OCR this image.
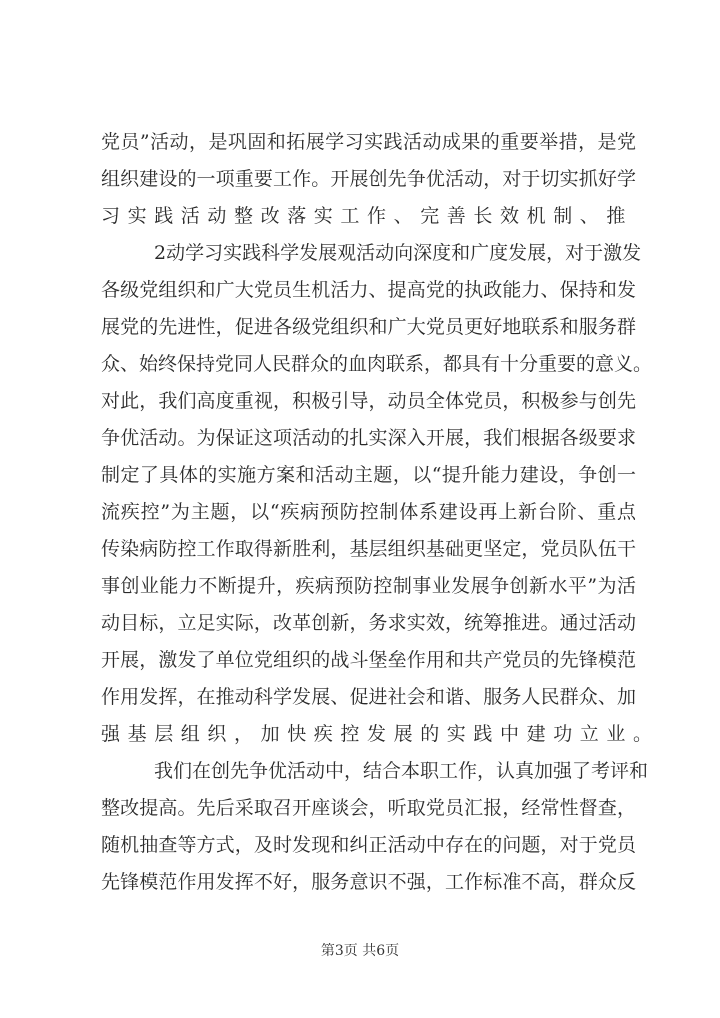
党员”活动，是巩固和拓展学习实践活动成果的重要举措，是党
组织建设的一项重要工作。开展创先争优活动，对于切实抓好学
习实践活动整改落实工作、完善长效机制、推
2动学习实践科学发展观活动向深度和广度发展，对于激发
各级党组织和广大党员生机活力、提高党的执政能力、保持和发
展党的先进性，促进各级党组织和广大党员更好地联系和服务群
众、始终保持党同人民群众的血肉联系，都具有十分重要的意义。
对此，我们高度重视，积极引导，动员全体党员，积极参与创先
争优活动。为保证这项活动的扎实深入开展，我们根据各级要求
制定了具体的实施方案和活动主题，以“提升能力建设，争创一
流疾控”为主题，以“疾病预防控制体系建设再上新台阶、重点
传染病防控工作取得新胜利，基层组织基础更坚定，党员队伍干
事创业能力不断提升，疾病预防控制事业发展争创新水平”为活
动目标，立足实际，改革创新，务求实效，统筹推进。通过活动
开展，激发了单位党组织的战斗堡垒作用和共产党员的先锋模范
作用发挥，在推动科学发展、促进社会和谐、服务人民群众、加
强基层组织，加快疾控发展的实践中建功立业。
我们在创先争优活动中，结合本职工作，认真加强了考评和
整改提高。先后采取召开座谈会，听取党员汇报，经常性督查，
随机抽查等方式，及时发现和纠正活动中存在的问题，对于党员
先锋模范作用发挥不好，服务意识不强，工作标准不高，群众反
第3页 共6页
